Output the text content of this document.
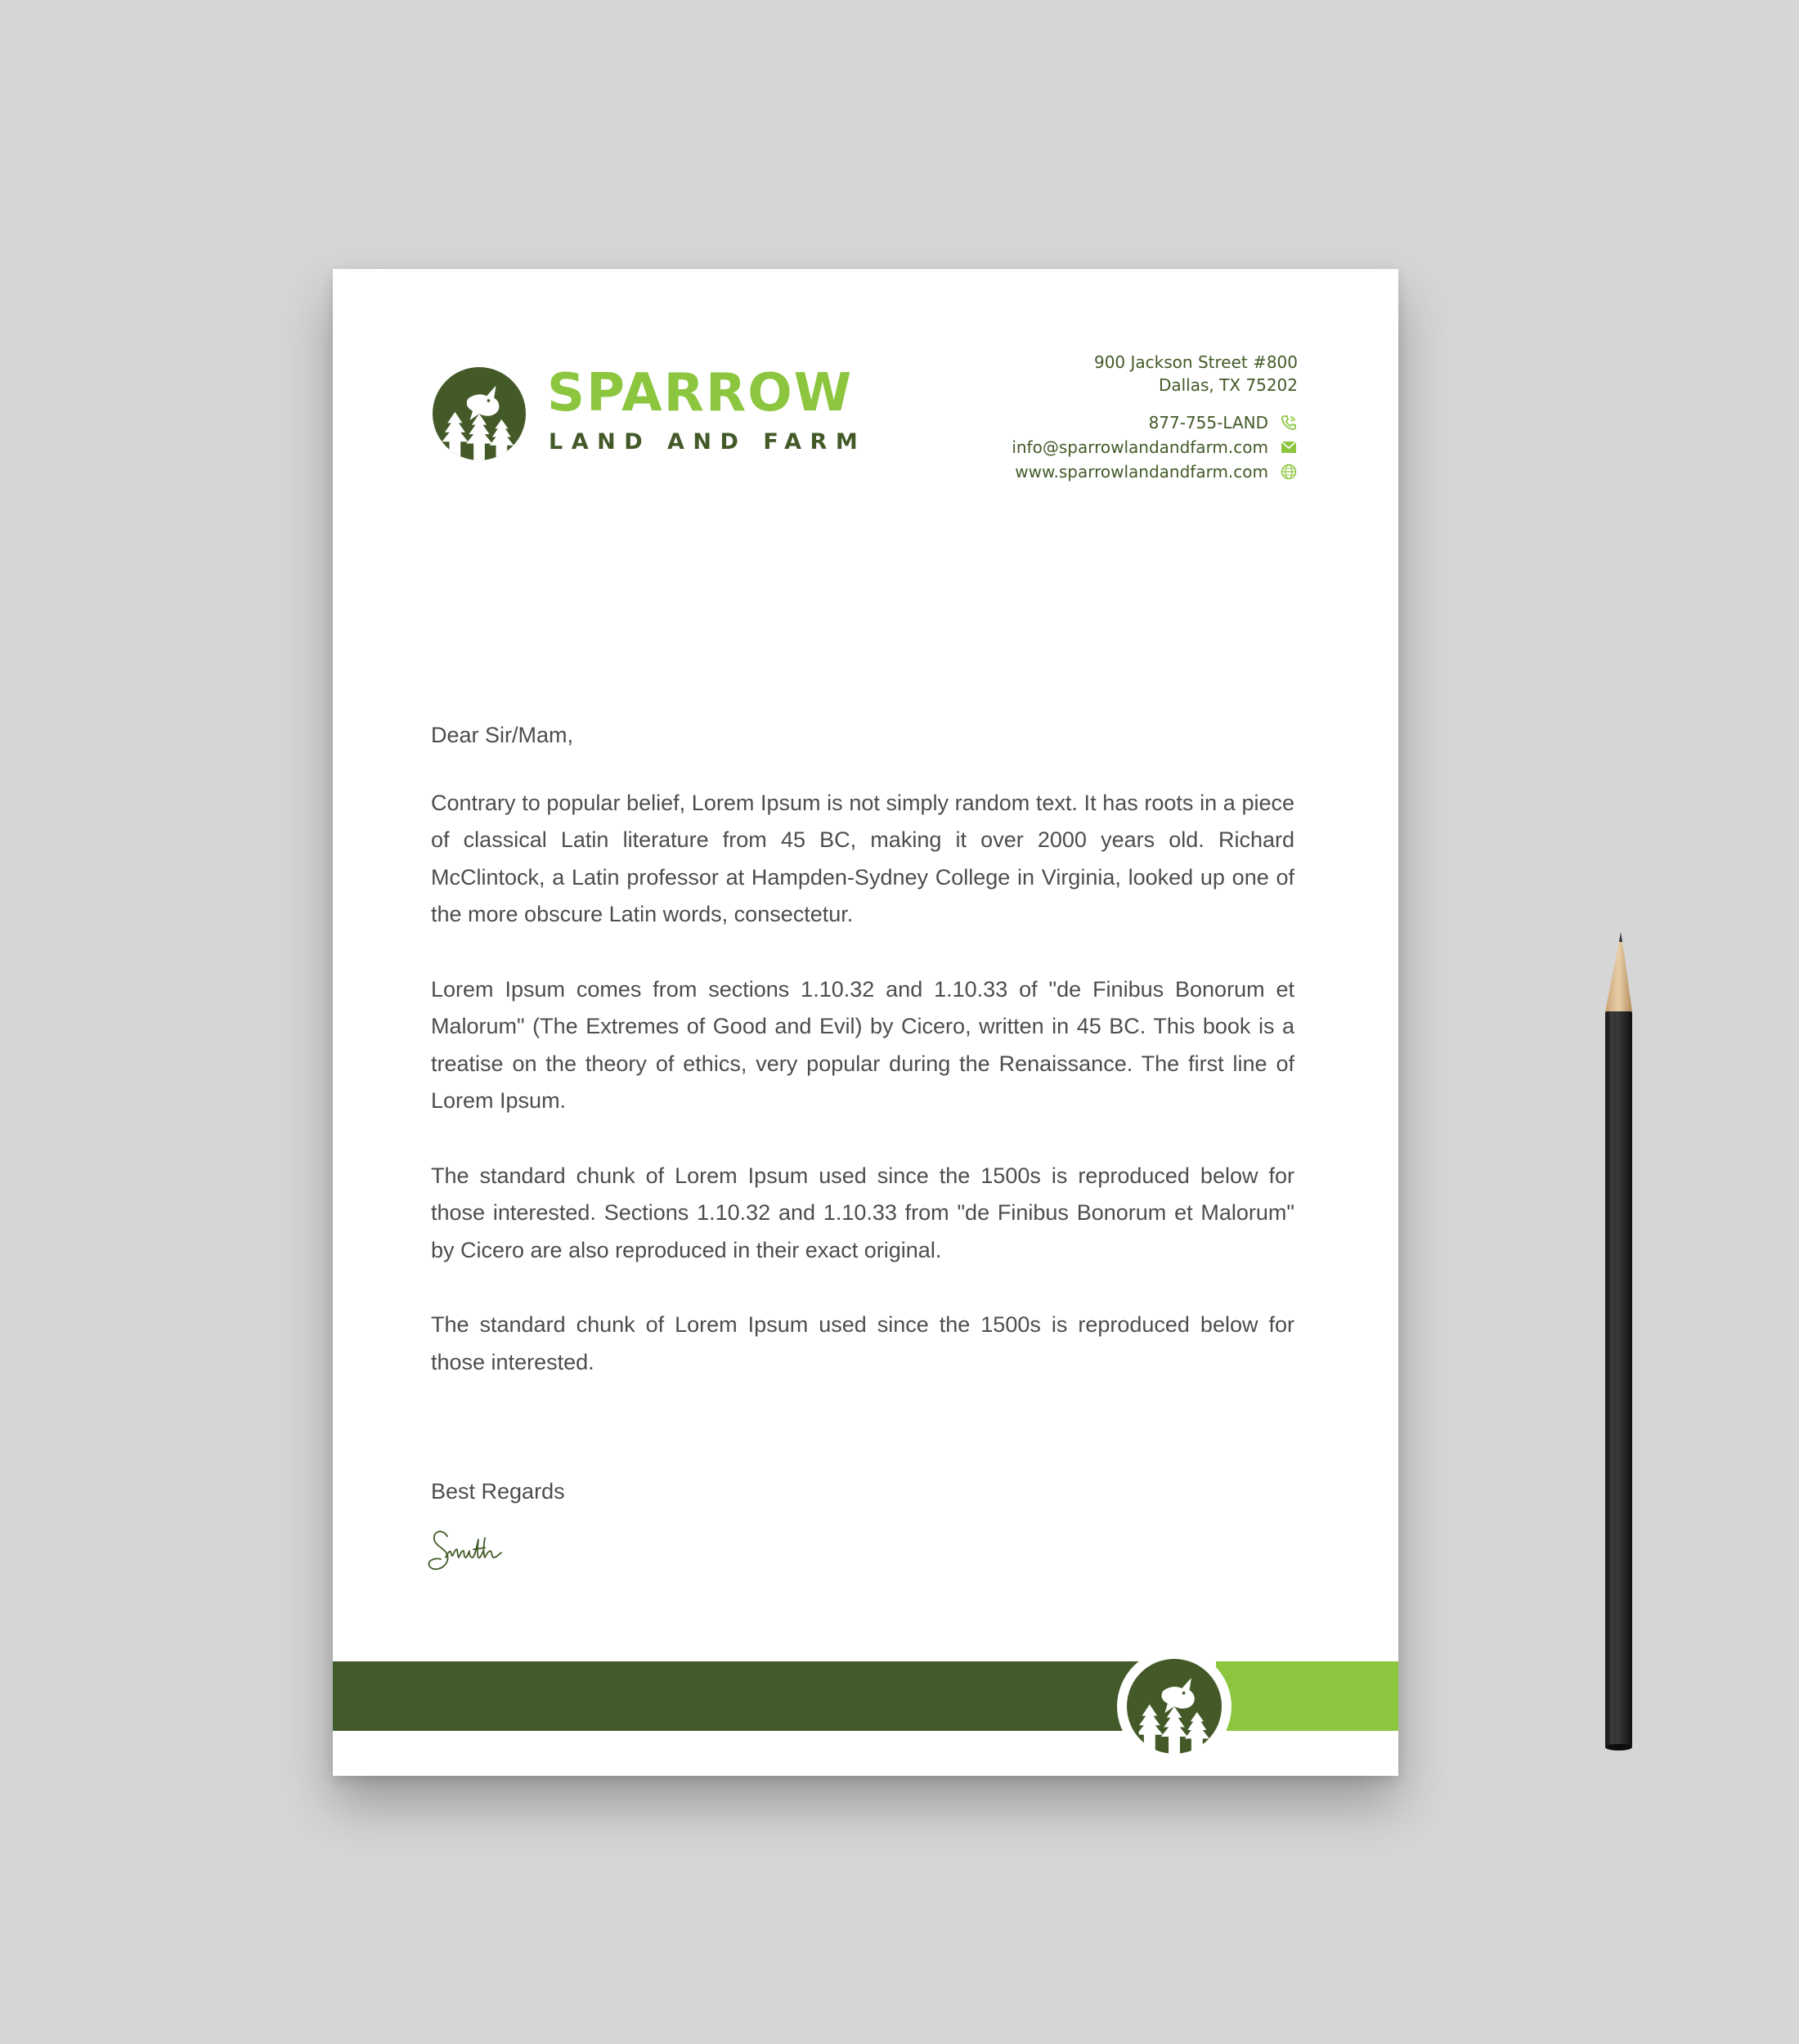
SPARROW
LAND AND FARM
900 Jackson Street #800
Dallas, TX 75202
877-755-LAND
info@sparrowlandandfarm.com
www.sparrowlandandfarm.com
Dear Sir/Mam,

Contrary to popular belief, Lorem Ipsum is not simply random text. It has roots in a piece of classical Latin literature from 45 BC, making it over 2000 years old. Richard McClintock, a Latin professor at Hampden-Sydney College in Virginia, looked up one of the more obscure Latin words, consectetur.

Lorem Ipsum comes from sections 1.10.32 and 1.10.33 of "de Finibus Bonorum et Malorum" (The Extremes of Good and Evil) by Cicero, written in 45 BC. This book is a treatise on the theory of ethics, very popular during the Renaissance. The first line of Lorem Ipsum.

The standard chunk of Lorem Ipsum used since the 1500s is reproduced below for those interested. Sections 1.10.32 and 1.10.33 from "de Finibus Bonorum et Malorum" by Cicero are also reproduced in their exact original.

The standard chunk of Lorem Ipsum used since the 1500s is reproduced below for those interested.

Best Regards
